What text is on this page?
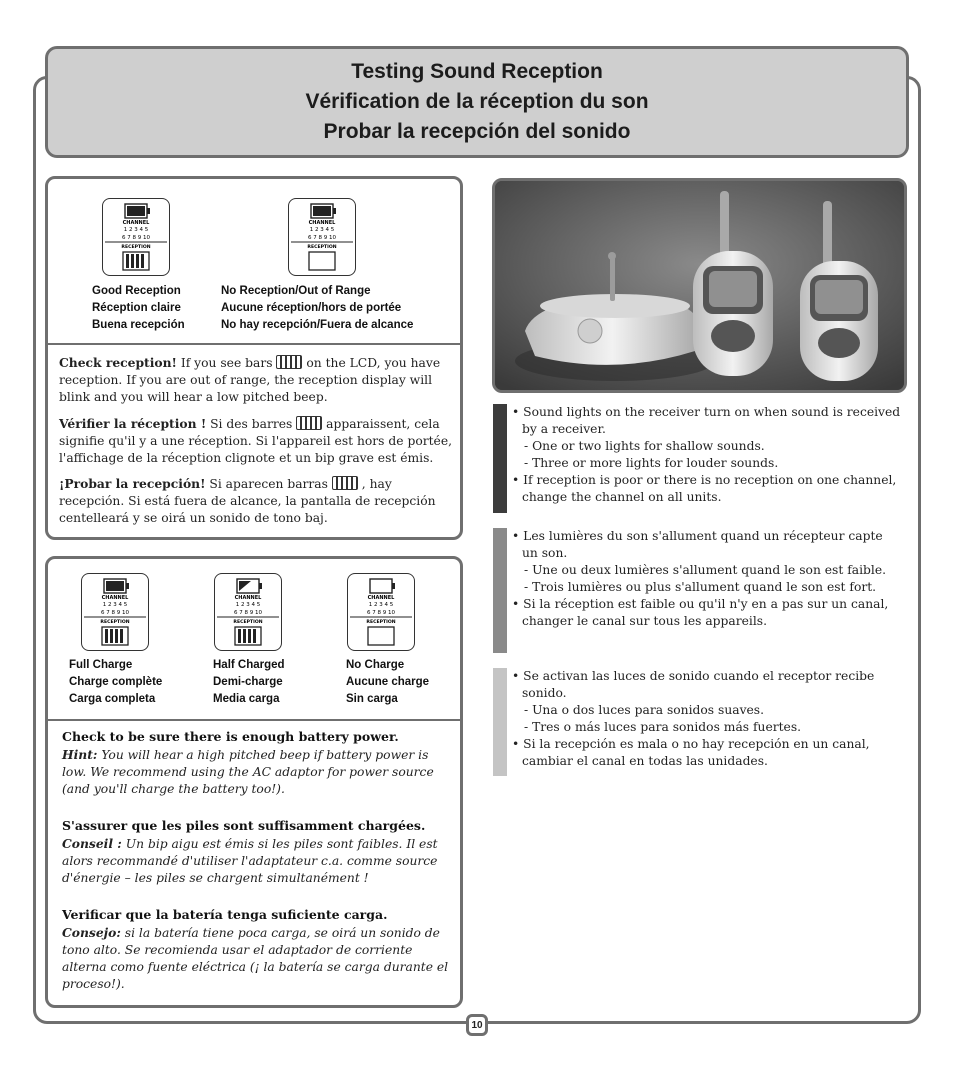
Testing Sound Reception
Vérification de la réception du son
Probar la recepción del sonido
CHANNEL
1 2 3 4 5
6 7 8 9 10
RECEPTION
CHANNEL
1 2 3 4 5
6 7 8 9 10
RECEPTION
Good Reception
Réception claire
Buena recepción
No Reception/Out of Range
Aucune réception/hors de portée
No hay recepción/Fuera de alcance
Check reception! If you see bars  on the LCD, you have reception. If you are out of range, the reception display will blink and you will hear a low pitched beep.
Vérifier la réception ! Si des barres  apparaissent, cela signifie qu'il y a une réception. Si l'appareil est hors de portée, l'affichage de la réception clignote et un bip grave est émis.
¡Probar la recepción! Si aparecen barras  , hay recepción. Si está fuera de alcance, la pantalla de recepción centelleará y se oirá un sonido de tono baj.
CHANNEL
1 2 3 4 5
6 7 8 9 10
RECEPTION
CHANNEL
1 2 3 4 5
6 7 8 9 10
RECEPTION
CHANNEL
1 2 3 4 5
6 7 8 9 10
RECEPTION
Full Charge
Charge complète
Carga completa
Half Charged
Demi-charge
Media carga
No Charge
Aucune charge
Sin carga
Check to be sure there is enough battery power.
Hint: You will hear a high pitched beep if battery power is low. We recommend using the AC adaptor for power source (and you'll charge the battery too!).
S'assurer que les piles sont suffisamment chargées.
Conseil : Un bip aigu est émis si les piles sont faibles. Il est alors recommandé d'utiliser l'adaptateur c.a. comme source d'énergie – les piles se chargent simultanément !
Verificar que la batería tenga suficiente carga.
Consejo: si la batería tiene poca carga, se oirá un sonido de tono alto. Se recomienda usar el adaptador de corriente alterna como fuente eléctrica (¡ la batería se carga durante el proceso!).
• Sound lights on the receiver turn on when sound is received by a receiver.
- One or two lights for shallow sounds.
- Three or more lights for louder sounds.
• If reception is poor or there is no reception on one channel, change the channel on all units.
• Les lumières du son s'allument quand un récepteur capte un son.
- Une ou deux lumières s'allument quand le son est faible.
- Trois lumières ou plus s'allument quand le son est fort.
• Si la réception est faible ou qu'il n'y en a pas sur un canal, changer le canal sur tous les appareils.
• Se activan las luces de sonido cuando el receptor recibe sonido.
- Una o dos luces para sonidos suaves.
- Tres o más luces para sonidos más fuertes.
• Si la recepción es mala o no hay recepción en un canal, cambiar el canal en todas las unidades.
10
